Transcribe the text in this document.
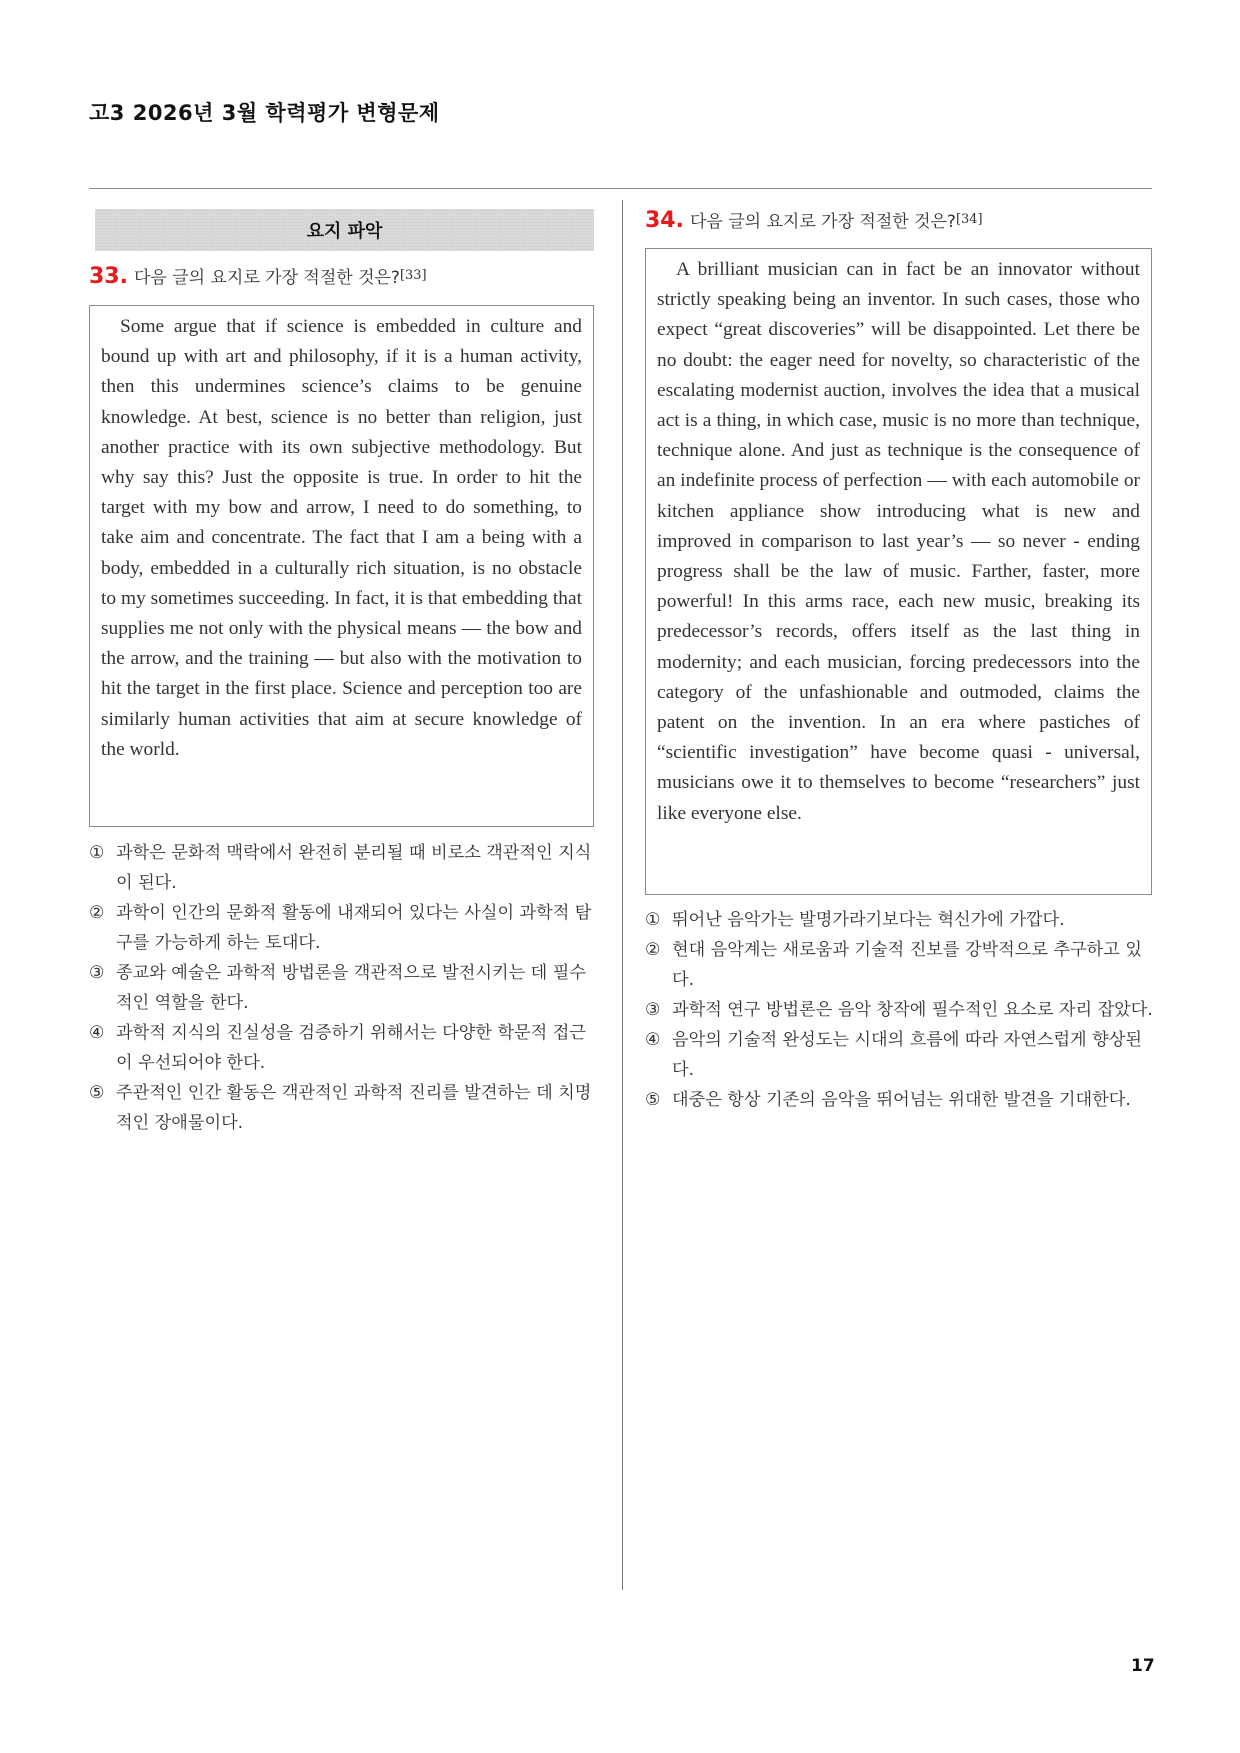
고3 2026년 3월 학력평가 변형문제
요지 파악
33. 다음 글의 요지로 가장 적절한 것은?[33]

Some argue that if science is embedded in culture and bound up with art and philosophy, if it is a human activity, then this undermines science’s claims to be genuine knowledge. At best, science is no better than religion, just another practice with its own subjective methodology. But why say this? Just the opposite is true. In order to hit the target with my bow and arrow, I need to do something, to take aim and concentrate. The fact that I am a being with a body, embedded in a culturally rich situation, is no obstacle to my sometimes succeeding. In fact, it is that embedding that supplies me not only with the physical means — the bow and the arrow, and the training — but also with the motivation to hit the target in the first place. Science and perception too are similarly human activities that aim at secure knowledge of the world.

① 과학은 문화적 맥락에서 완전히 분리될 때 비로소 객관적인 지식이 된다.
② 과학이 인간의 문화적 활동에 내재되어 있다는 사실이 과학적 탐구를 가능하게 하는 토대다.
③ 종교와 예술은 과학적 방법론을 객관적으로 발전시키는 데 필수적인 역할을 한다.
④ 과학적 지식의 진실성을 검증하기 위해서는 다양한 학문적 접근이 우선되어야 한다.
⑤ 주관적인 인간 활동은 객관적인 과학적 진리를 발견하는 데 치명적인 장애물이다.
34. 다음 글의 요지로 가장 적절한 것은?[34]

A brilliant musician can in fact be an innovator without strictly speaking being an inventor. In such cases, those who expect “great discoveries” will be disappointed. Let there be no doubt: the eager need for novelty, so characteristic of the escalating modernist auction, involves the idea that a musical act is a thing, in which case, music is no more than technique, technique alone. And just as technique is the consequence of an indefinite process of perfection — with each automobile or kitchen appliance show introducing what is new and improved in comparison to last year’s — so never - ending progress shall be the law of music. Farther, faster, more powerful! In this arms race, each new music, breaking its predecessor’s records, offers itself as the last thing in modernity; and each musician, forcing predecessors into the category of the unfashionable and outmoded, claims the patent on the invention. In an era where pastiches of “scientific investigation” have become quasi - universal, musicians owe it to themselves to become “researchers” just like everyone else.

① 뛰어난 음악가는 발명가라기보다는 혁신가에 가깝다.
② 현대 음악계는 새로움과 기술적 진보를 강박적으로 추구하고 있다.
③ 과학적 연구 방법론은 음악 창작에 필수적인 요소로 자리 잡았다.
④ 음악의 기술적 완성도는 시대의 흐름에 따라 자연스럽게 향상된다.
⑤ 대중은 항상 기존의 음악을 뛰어넘는 위대한 발견을 기대한다.
17
